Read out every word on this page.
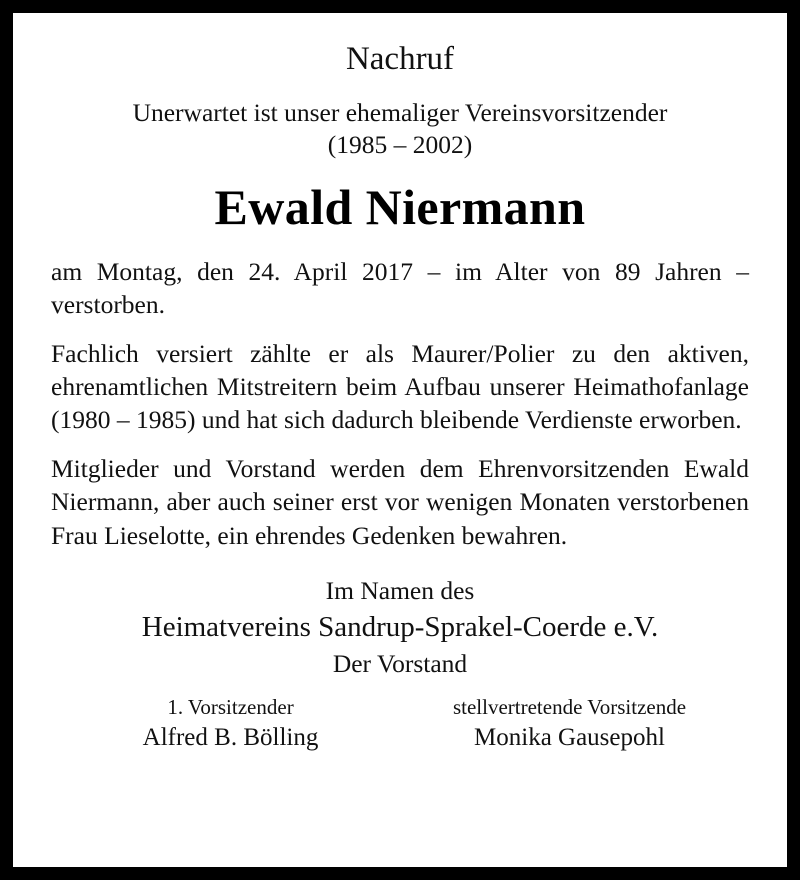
Nachruf
Unerwartet ist unser ehemaliger Vereinsvorsitzender
(1985 – 2002)
Ewald Niermann

am Montag, den 24. April 2017 – im Alter von 89 Jahren – verstorben.

Fachlich versiert zählte er als Maurer/Polier zu den aktiven, ehrenamtlichen Mitstreitern beim Aufbau unserer Heimathofanlage (1980 – 1985) und hat sich dadurch bleibende Verdienste erworben.

Mitglieder und Vorstand werden dem Ehrenvorsitzenden Ewald Niermann, aber auch seiner erst vor wenigen Monaten verstorbenen Frau Lieselotte, ein ehrendes Gedenken bewahren.

Im Namen des
Heimatvereins Sandrup-Sprakel-Coerde e.V.
Der Vorstand
1. Vorsitzender
Alfred B. Bölling
stellvertretende Vorsitzende
Monika Gausepohl
